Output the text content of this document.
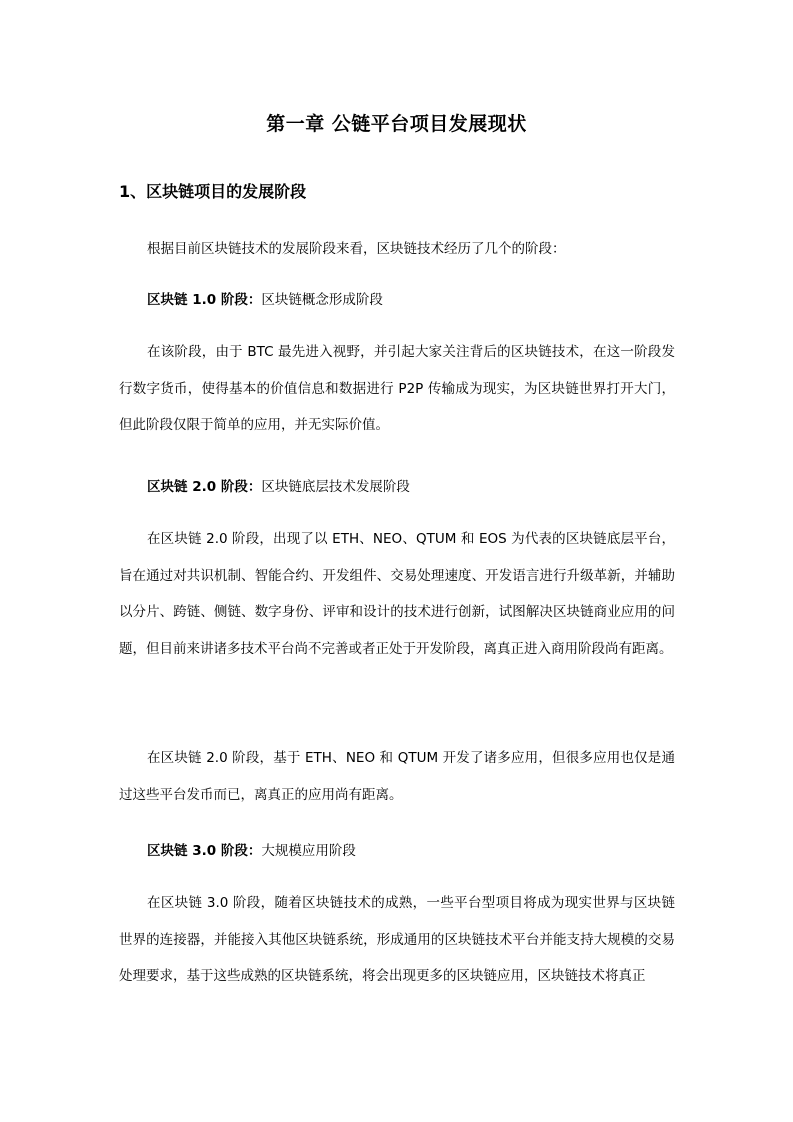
第一章 公链平台项目发展现状
1、区块链项目的发展阶段

根据目前区块链技术的发展阶段来看，区块链技术经历了几个的阶段：

区块链 1.0 阶段：区块链概念形成阶段

在该阶段，由于 BTC 最先进入视野，并引起大家关注背后的区块链技术，在这一阶段发行数字货币，使得基本的价值信息和数据进行 P2P 传输成为现实，为区块链世界打开大门，但此阶段仅限于简单的应用，并无实际价值。

区块链 2.0 阶段：区块链底层技术发展阶段

在区块链 2.0 阶段，出现了以 ETH、NEO、QTUM 和 EOS 为代表的区块链底层平台，旨在通过对共识机制、智能合约、开发组件、交易处理速度、开发语言进行升级革新，并辅助以分片、跨链、侧链、数字身份、评审和设计的技术进行创新，试图解决区块链商业应用的问题，但目前来讲诸多技术平台尚不完善或者正处于开发阶段，离真正进入商用阶段尚有距离。

在区块链 2.0 阶段，基于 ETH、NEO 和 QTUM 开发了诸多应用，但很多应用也仅是通过这些平台发币而已，离真正的应用尚有距离。

区块链 3.0 阶段：大规模应用阶段

在区块链 3.0 阶段，随着区块链技术的成熟，一些平台型项目将成为现实世界与区块链世界的连接器，并能接入其他区块链系统，形成通用的区块链技术平台并能支持大规模的交易处理要求，基于这些成熟的区块链系统，将会出现更多的区块链应用，区块链技术将真正
